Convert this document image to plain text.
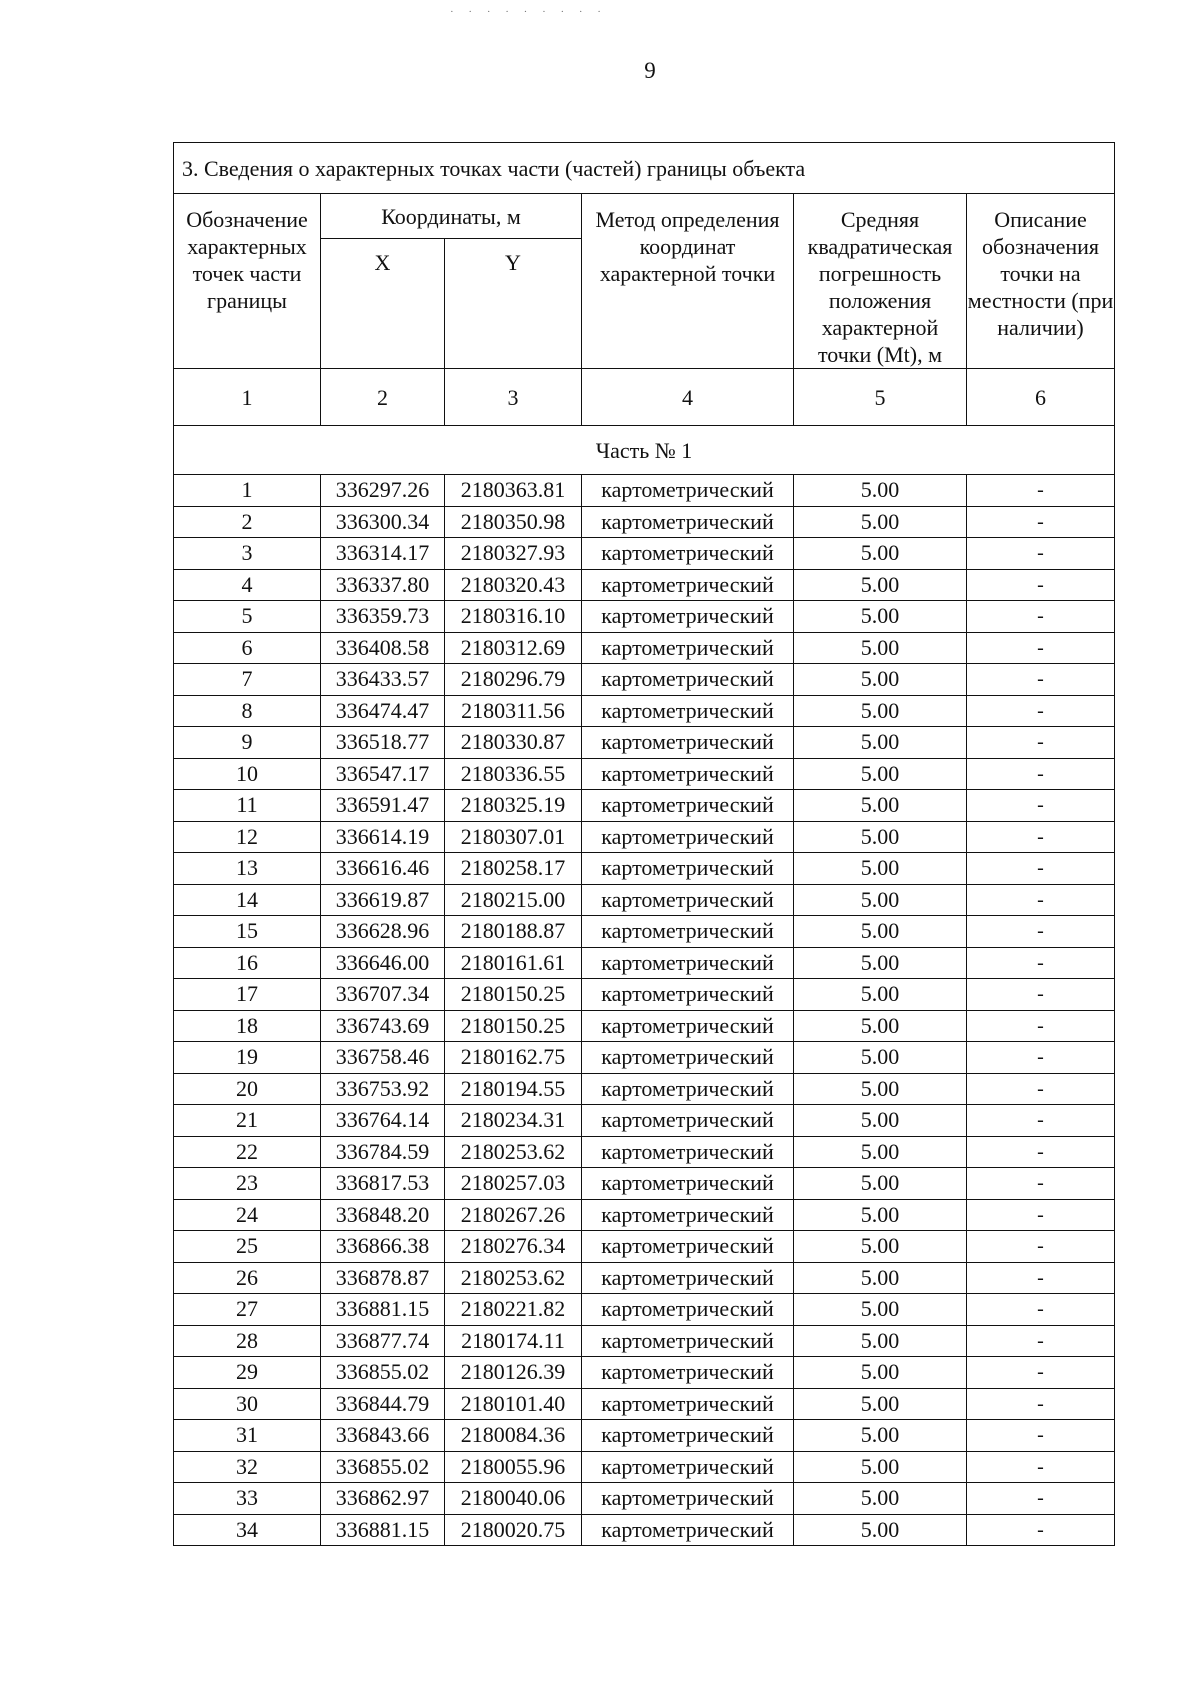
· · · · · · · · ·
9
3. Сведения о характерных точках части (частей) границы объекта					
Обозначение характерных точек части границы	Координаты, м		Метод определения координат характерной точки	Средняя квадратическая погрешность положения характерной точки (Mt), м	Описание обозначения точки на местности (при наличии)
	X	Y			
1	2	3	4	5	6
Часть № 1					
1	336297.26	2180363.81	картометрический	5.00	-
2	336300.34	2180350.98	картометрический	5.00	-
3	336314.17	2180327.93	картометрический	5.00	-
4	336337.80	2180320.43	картометрический	5.00	-
5	336359.73	2180316.10	картометрический	5.00	-
6	336408.58	2180312.69	картометрический	5.00	-
7	336433.57	2180296.79	картометрический	5.00	-
8	336474.47	2180311.56	картометрический	5.00	-
9	336518.77	2180330.87	картометрический	5.00	-
10	336547.17	2180336.55	картометрический	5.00	-
11	336591.47	2180325.19	картометрический	5.00	-
12	336614.19	2180307.01	картометрический	5.00	-
13	336616.46	2180258.17	картометрический	5.00	-
14	336619.87	2180215.00	картометрический	5.00	-
15	336628.96	2180188.87	картометрический	5.00	-
16	336646.00	2180161.61	картометрический	5.00	-
17	336707.34	2180150.25	картометрический	5.00	-
18	336743.69	2180150.25	картометрический	5.00	-
19	336758.46	2180162.75	картометрический	5.00	-
20	336753.92	2180194.55	картометрический	5.00	-
21	336764.14	2180234.31	картометрический	5.00	-
22	336784.59	2180253.62	картометрический	5.00	-
23	336817.53	2180257.03	картометрический	5.00	-
24	336848.20	2180267.26	картометрический	5.00	-
25	336866.38	2180276.34	картометрический	5.00	-
26	336878.87	2180253.62	картометрический	5.00	-
27	336881.15	2180221.82	картометрический	5.00	-
28	336877.74	2180174.11	картометрический	5.00	-
29	336855.02	2180126.39	картометрический	5.00	-
30	336844.79	2180101.40	картометрический	5.00	-
31	336843.66	2180084.36	картометрический	5.00	-
32	336855.02	2180055.96	картометрический	5.00	-
33	336862.97	2180040.06	картометрический	5.00	-
34	336881.15	2180020.75	картометрический	5.00	-
